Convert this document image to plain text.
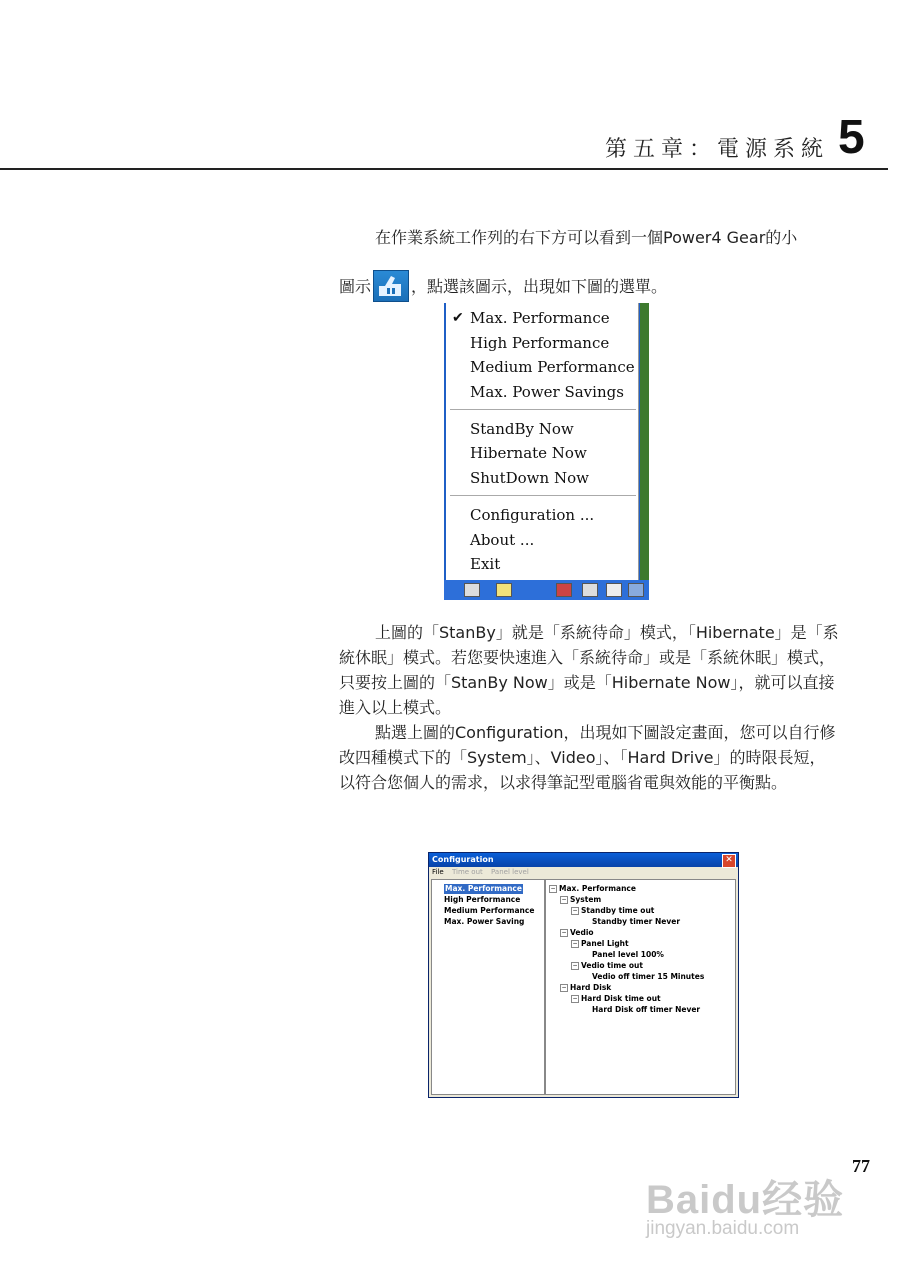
第五章：電源系統 5
在作業系統工作列的右下方可以看到一個Power4 Gear的小
圖示	，點選該圖示，出現如下圖的選單。
✔ Max. Performance
High Performance
Medium Performance
Max. Power Savings
StandBy Now
Hibernate Now
ShutDown Now
Configuration ...
About ...
Exit
上圖的「StanBy」就是「系統待命」模式，「Hibernate」是「系統休眠」模式。若您要快速進入「系統待命」或是「系統休眠」模式，只要按上圖的「StanBy Now」或是「Hibernate Now」，就可以直接進入以上模式。
點選上圖的Configuration，出現如下圖設定畫面，您可以自行修改四種模式下的「System」、Video」、「Hard Drive」的時限長短，以符合您個人的需求，以求得筆記型電腦省電與效能的平衡點。
Configuration	✕
File Time out Panel level
Max. Performance
High Performance
Medium Performance
Max. Power Saving
− Max. Performance
− System
− Standby time out
Standby timer Never
− Vedio
− Panel Light
Panel level 100%
− Vedio time out
Vedio off timer 15 Minutes
− Hard Disk
− Hard Disk time out
Hard Disk off timer Never
77
Baidu经验
jingyan.baidu.com
